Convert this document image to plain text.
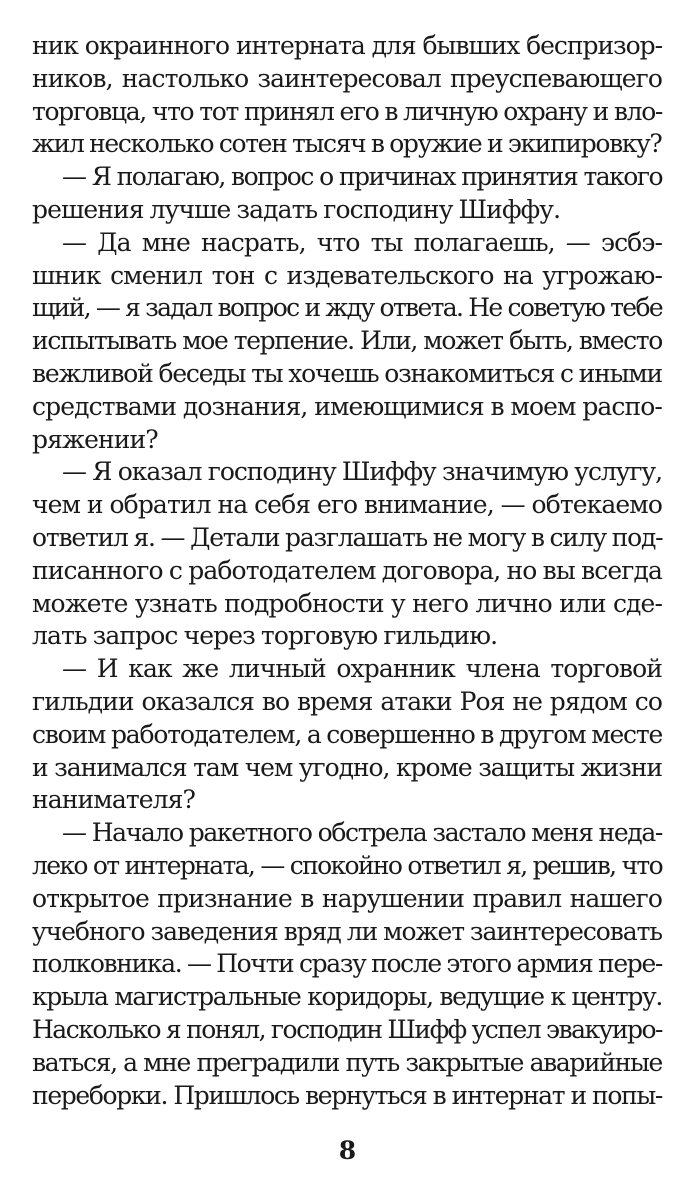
ник окраинного интерната для бывших беспризор-
ников, настолько заинтересовал преуспевающего
торговца, что тот принял его в личную охрану и вло-
жил несколько сотен тысяч в оружие и экипировку?
— Я полагаю, вопрос о причинах принятия такого
решения лучше задать господину Шиффу.
— Да мне насрать, что ты полагаешь, — эсбэ-
шник сменил тон с издевательского на угрожаю-
щий, — я задал вопрос и жду ответа. Не советую тебе
испытывать мое терпение. Или, может быть, вместо
вежливой беседы ты хочешь ознакомиться с иными
средствами дознания, имеющимися в моем распо-
ряжении?
— Я оказал господину Шиффу значимую услугу,
чем и обратил на себя его внимание, — обтекаемо
ответил я. — Детали разглашать не могу в силу под-
писанного с работодателем договора, но вы всегда
можете узнать подробности у него лично или сде-
лать запрос через торговую гильдию.
— И как же личный охранник члена торговой
гильдии оказался во время атаки Роя не рядом со
своим работодателем, а совершенно в другом месте
и занимался там чем угодно, кроме защиты жизни
нанимателя?
— Начало ракетного обстрела застало меня неда-
леко от интерната, — спокойно ответил я, решив, что
открытое признание в нарушении правил нашего
учебного заведения вряд ли может заинтересовать
полковника. — Почти сразу после этого армия пере-
крыла магистральные коридоры, ведущие к центру.
Насколько я понял, господин Шифф успел эвакуиро-
ваться, а мне преградили путь закрытые аварийные
переборки. Пришлось вернуться в интернат и попы-
8
